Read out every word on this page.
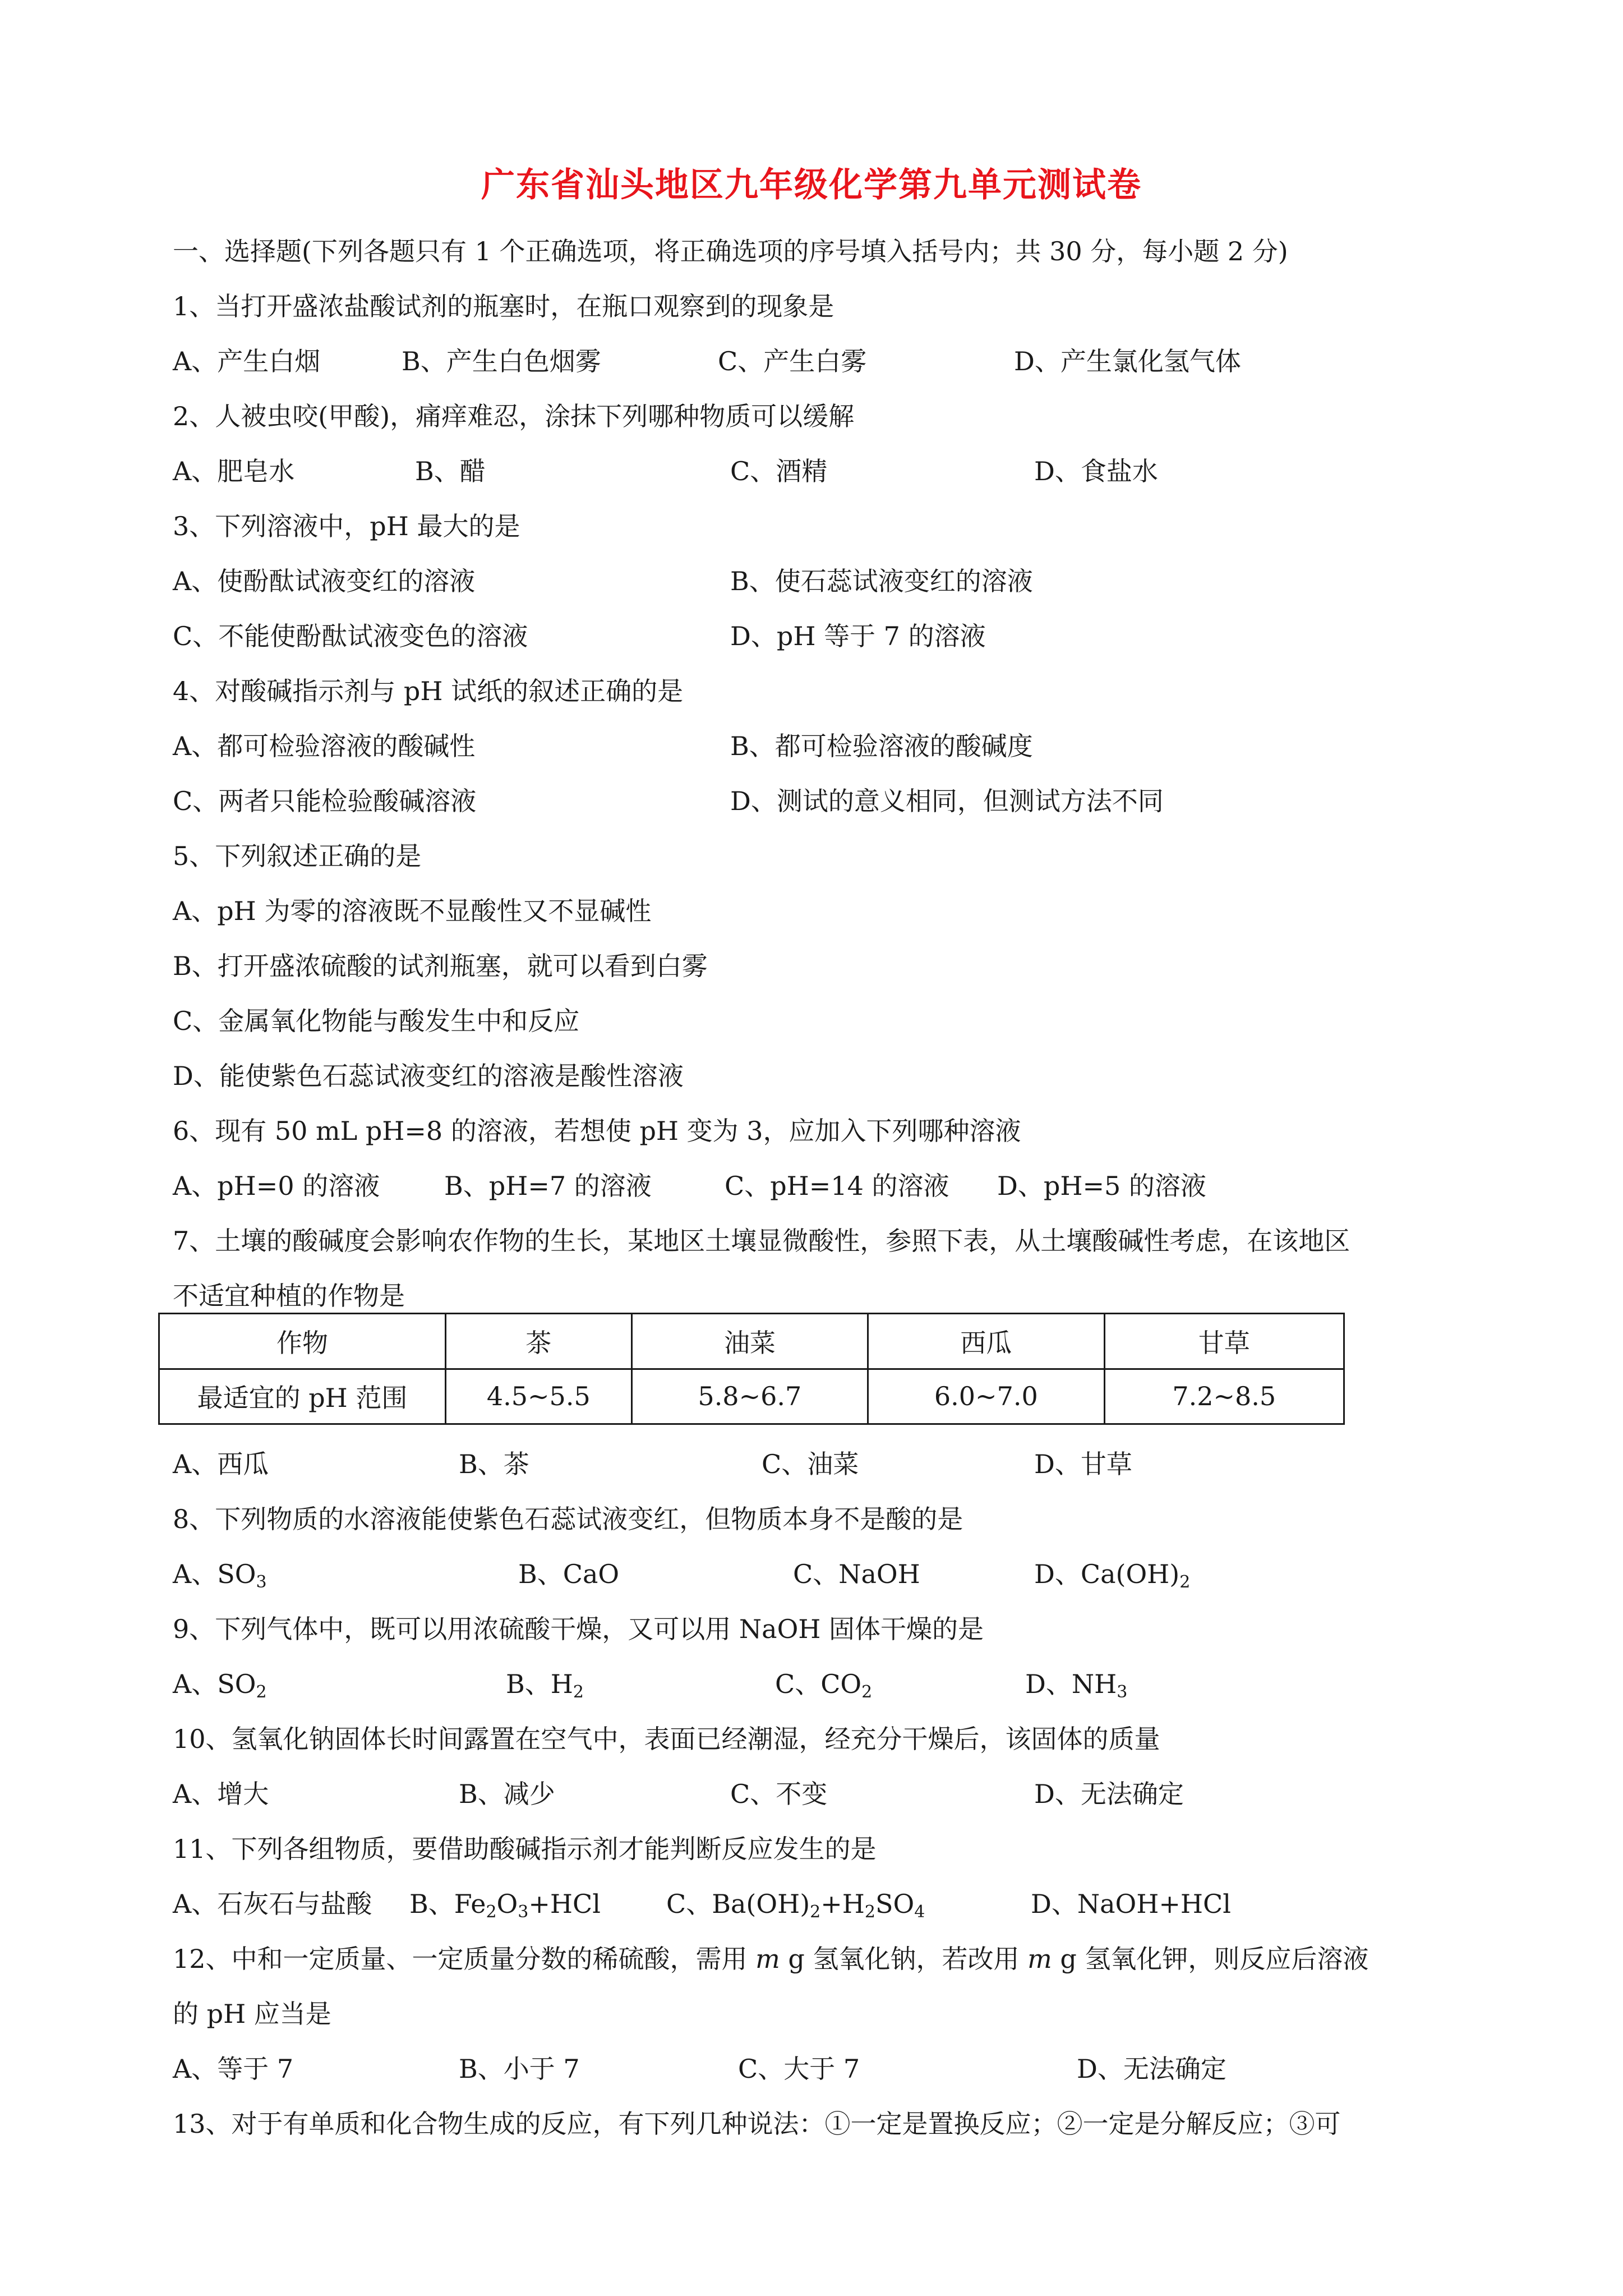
广东省汕头地区九年级化学第九单元测试卷
一、选择题(下列各题只有 1 个正确选项，将正确选项的序号填入括号内；共 30 分，每小题 2 分)
1、当打开盛浓盐酸试剂的瓶塞时，在瓶口观察到的现象是
A、产生白烟	B、产生白色烟雾	C、产生白雾	D、产生氯化氢气体
2、人被虫咬(甲酸)，痛痒难忍，涂抹下列哪种物质可以缓解
A、肥皂水	B、醋	C、酒精	D、食盐水
3、下列溶液中，pH 最大的是
A、使酚酞试液变红的溶液	B、使石蕊试液变红的溶液
C、不能使酚酞试液变色的溶液	D、pH 等于 7 的溶液
4、对酸碱指示剂与 pH 试纸的叙述正确的是
A、都可检验溶液的酸碱性	B、都可检验溶液的酸碱度
C、两者只能检验酸碱溶液	D、测试的意义相同，但测试方法不同
5、下列叙述正确的是
A、pH 为零的溶液既不显酸性又不显碱性
B、打开盛浓硫酸的试剂瓶塞，就可以看到白雾
C、金属氧化物能与酸发生中和反应
D、能使紫色石蕊试液变红的溶液是酸性溶液
6、现有 50 mL pH=8 的溶液，若想使 pH 变为 3，应加入下列哪种溶液
A、pH=0 的溶液 B、pH=7 的溶液	C、pH=14 的溶液 D、pH=5 的溶液
7、土壤的酸碱度会影响农作物的生长，某地区土壤显微酸性，参照下表，从土壤酸碱性考虑，在该地区
不适宜种植的作物是
作物	茶	油菜	西瓜	甘草
最适宜的 pH 范围	4.5~5.5	5.8~6.7	6.0~7.0	7.2~8.5
A、西瓜	B、茶	C、油菜	D、甘草
8、下列物质的水溶液能使紫色石蕊试液变红，但物质本身不是酸的是
A、$SO_3$	B、CaO	C、NaOH	D、$Ca(OH)_2$
9、下列气体中，既可以用浓硫酸干燥，又可以用 NaOH 固体干燥的是
A、$SO_2$	B、$H_2$	C、$CO_2$	D、$NH_3$
10、氢氧化钠固体长时间露置在空气中，表面已经潮湿，经充分干燥后，该固体的质量
A、增大	B、减少	C、不变	D、无法确定
11、下列各组物质，要借助酸碱指示剂才能判断反应发生的是
A、石灰石与盐酸 B、$Fe_2O_3+HCl$	C、$Ba(OH)_2+H_2SO_4$	D、NaOH+HCl
12、中和一定质量、一定质量分数的稀硫酸，需用 m g 氢氧化钠，若改用 m g 氢氧化钾，则反应后溶液
的 pH 应当是
A、等于 7	B、小于 7	C、大于 7	D、无法确定
13、对于有单质和化合物生成的反应，有下列几种说法：①一定是置换反应；②一定是分解反应；③可
